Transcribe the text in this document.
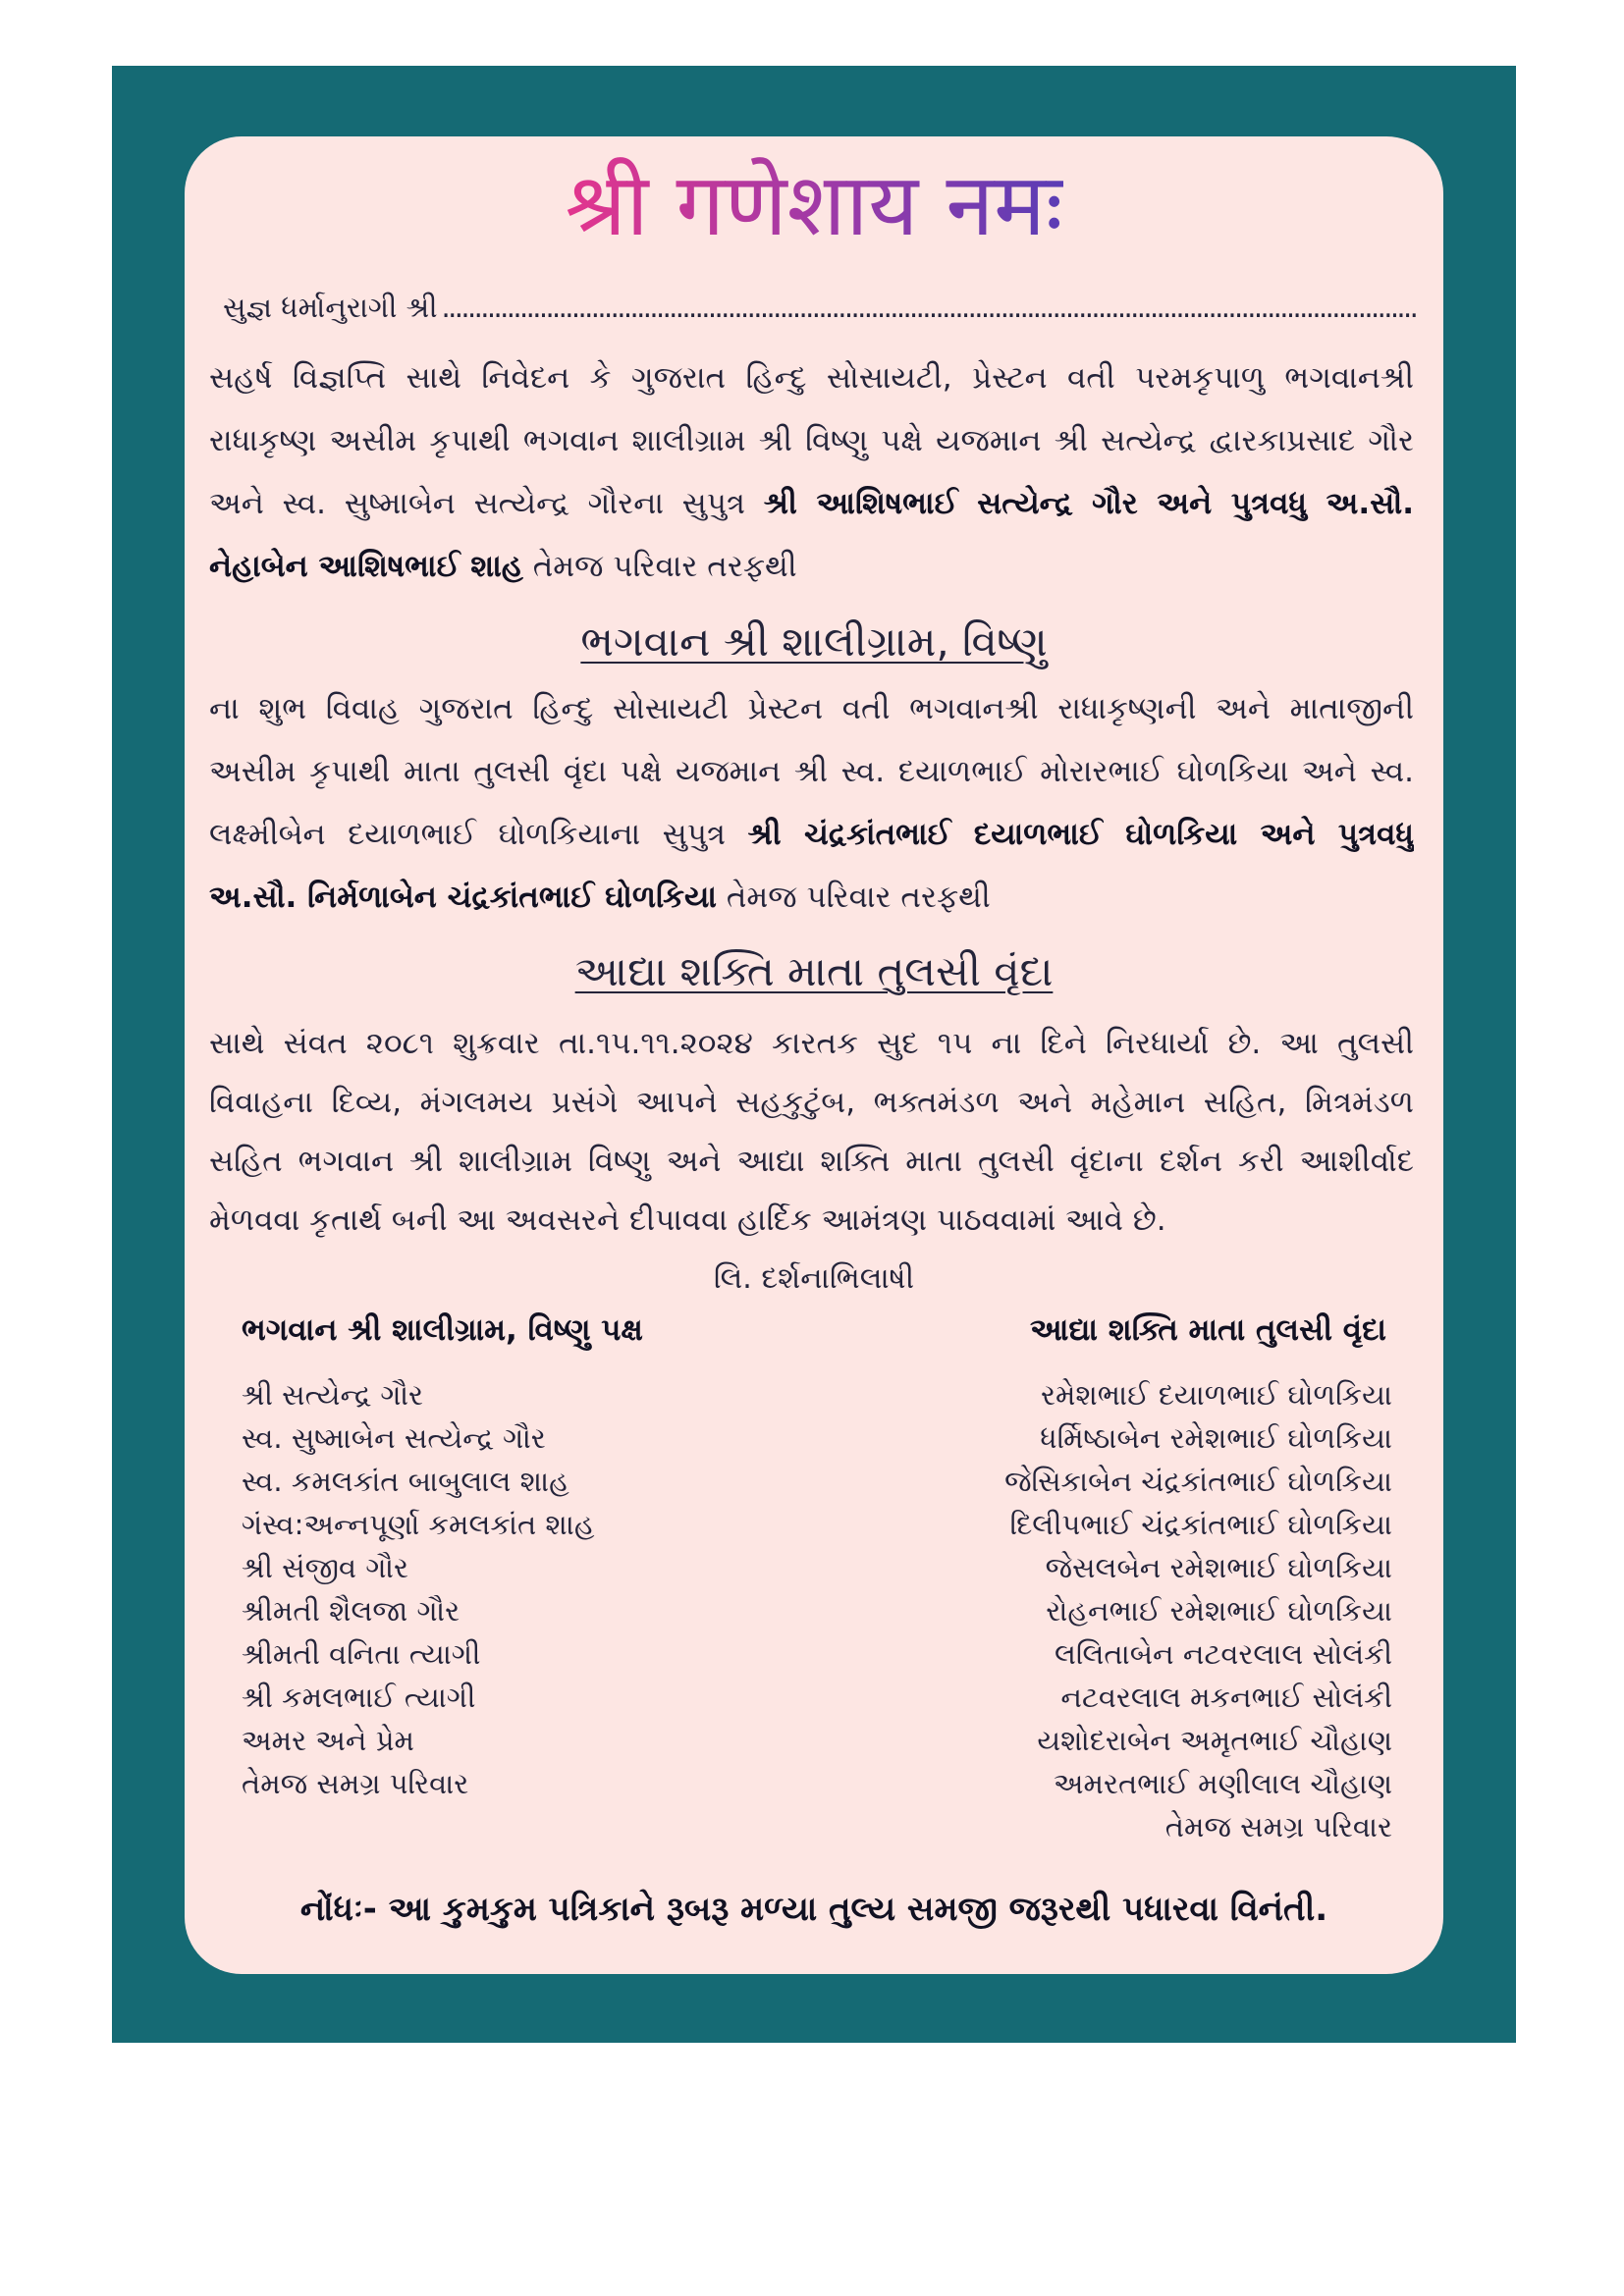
श्री गणेशाय नमः
સુજ્ઞ ધર્માનુરાગી શ્રી ......................................................................................................................................................
સહર્ષ વિજ્ઞપ્તિ સાથે નિવેદન કે ગુજરાત હિન્દુ સોસાયટી, પ્રેસ્ટન વતી પરમકૃપાળુ ભગવાનશ્રી
રાધાકૃષ્ણ અસીમ કૃપાથી ભગવાન શાલીગ્રામ શ્રી વિષ્ણુ પક્ષે યજમાન શ્રી સત્યેન્દ્ર દ્વારકાપ્રસાદ ગૌર
અને સ્વ. સુષ્માબેન સત્યેન્દ્ર ગૌરના સુપુત્ર શ્રી આશિષભાઈ સત્યેન્દ્ર ગૌર અને પુત્રવધુ અ.સૌ.
નેહાબેન આશિષભાઈ શાહ તેમજ પરિવાર તરફથી
ભગવાન શ્રી શાલીગ્રામ, વિષ્ણુ
ના શુભ વિવાહ ગુજરાત હિન્દુ સોસાયટી પ્રેસ્ટન વતી ભગવાનશ્રી રાધાકૃષ્ણની અને માતાજીની
અસીમ કૃપાથી માતા તુલસી વૃંદા પક્ષે યજમાન શ્રી સ્વ. દયાળભાઈ મોરારભાઈ ઘોળકિયા અને સ્વ.
લક્ષ્મીબેન દયાળભાઈ ઘોળકિયાના સુપુત્ર શ્રી ચંદ્રકાંતભાઈ દયાળભાઈ ઘોળકિયા અને પુત્રવધુ
અ.સૌ. નિર્મળાબેન ચંદ્રકાંતભાઈ ઘોળકિયા તેમજ પરિવાર તરફથી
આદ્યા શક્તિ માતા તુલસી વૃંદા
સાથે સંવત ૨૦૮૧ શુક્રવાર તા.૧૫.૧૧.૨૦૨૪ કારતક સુદ ૧૫ ના દિને નિરધાર્યા છે. આ તુલસી
વિવાહના દિવ્ય, મંગલમય પ્રસંગે આપને સહકુટુંબ, ભક્તમંડળ અને મહેમાન સહિત, મિત્રમંડળ
સહિત ભગવાન શ્રી શાલીગ્રામ વિષ્ણુ અને આદ્યા શક્તિ માતા તુલસી વૃંદાના દર્શન કરી આશીર્વાદ
મેળવવા કૃતાર્થ બની આ અવસરને દીપાવવા હાર્દિક આમંત્રણ પાઠવવામાં આવે છે.
લિ. દર્શનાભિલાષી
ભગવાન શ્રી શાલીગ્રામ, વિષ્ણુ પક્ષ
શ્રી સત્યેન્દ્ર ગૌર
સ્વ. સુષ્માબેન સત્યેન્દ્ર ગૌર
સ્વ. કમલકાંત બાબુલાલ શાહ
ગંસ્વ:અન્નપૂર્ણા કમલકાંત શાહ
શ્રી સંજીવ ગૌર
શ્રીમતી શૈલજા ગૌર
શ્રીમતી વનિતા ત્યાગી
શ્રી કમલભાઈ ત્યાગી
અમર અને પ્રેમ
તેમજ સમગ્ર પરિવાર
આદ્યા શક્તિ માતા તુલસી વૃંદા
રમેશભાઈ દયાળભાઈ ઘોળકિયા
ધર્મિષ્ઠાબેન રમેશભાઈ ઘોળકિયા
જેસિકાબેન ચંદ્રકાંતભાઈ ઘોળકિયા
દિલીપભાઈ ચંદ્રકાંતભાઈ ઘોળકિયા
જેસલબેન રમેશભાઈ ઘોળકિયા
રોહનભાઈ રમેશભાઈ ઘોળકિયા
લલિતાબેન નટવરલાલ સોલંકી
નટવરલાલ મકનભાઈ સોલંકી
યશોદરાબેન અમૃતભાઈ ચૌહાણ
અમરતભાઈ મણીલાલ ચૌહાણ
તેમજ સમગ્ર પરિવાર
નોંધઃ- આ કુમકુમ પત્રિકાને રૂબરૂ મળ્યા તુલ્ય સમજી જરૂરથી પધારવા વિનંતી.
